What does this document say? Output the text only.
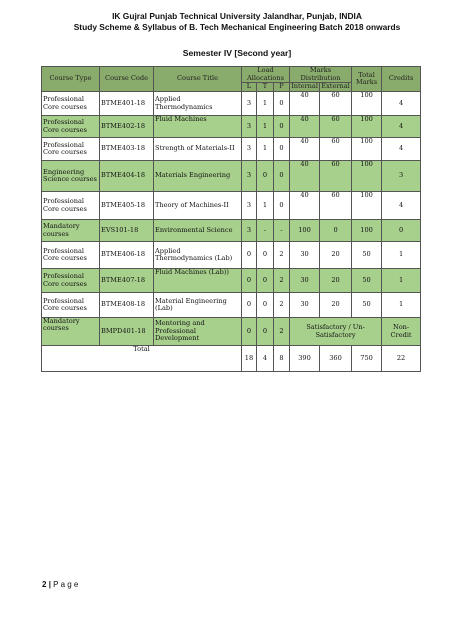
IK Gujral Punjab Technical University Jalandhar, Punjab, INDIA
Study Scheme & Syllabus of B. Tech Mechanical Engineering Batch 2018 onwards
Semester IV [Second year]
Course Type	Course Code	Course Title	Load Allocations			Marks Distribution		Total Marks	Credits
			L	T	P	Internal	External		
Professional Core courses	BTME401-18	Applied Thermodynamics	3	1	0	40	60	100	4
Professional Core courses	BTME402-18	Fluid Machines	3	1	0	40	60	100	4
Professional Core courses	BTME403-18	Strength of Materials-II	3	1	0	40	60	100	4
Engineering Science courses	BTME404-18	Materials Engineering	3	0	0	40	60	100	3
Professional Core courses	BTME405-18	Theory of Machines-II	3	1	0	40	60	100	4
Mandatory courses	EVS101-18	Environmental Science	3	-	-	100	0	100	0
Professional Core courses	BTME406-18	Applied Thermodynamics (Lab)	0	0	2	30	20	50	1
Professional Core courses	BTME407-18	Fluid Machines (Lab))	0	0	2	30	20	50	1
Professional Core courses	BTME408-18	Material Engineering (Lab)	0	0	2	30	20	50	1
Mandatory courses	BMPD401-18	Mentoring and Professional Development	0	0	2	Satisfactory / Un-Satisfactory			Non-Credit
Total			18	4	8	390	360	750	22
2 | P a g e
